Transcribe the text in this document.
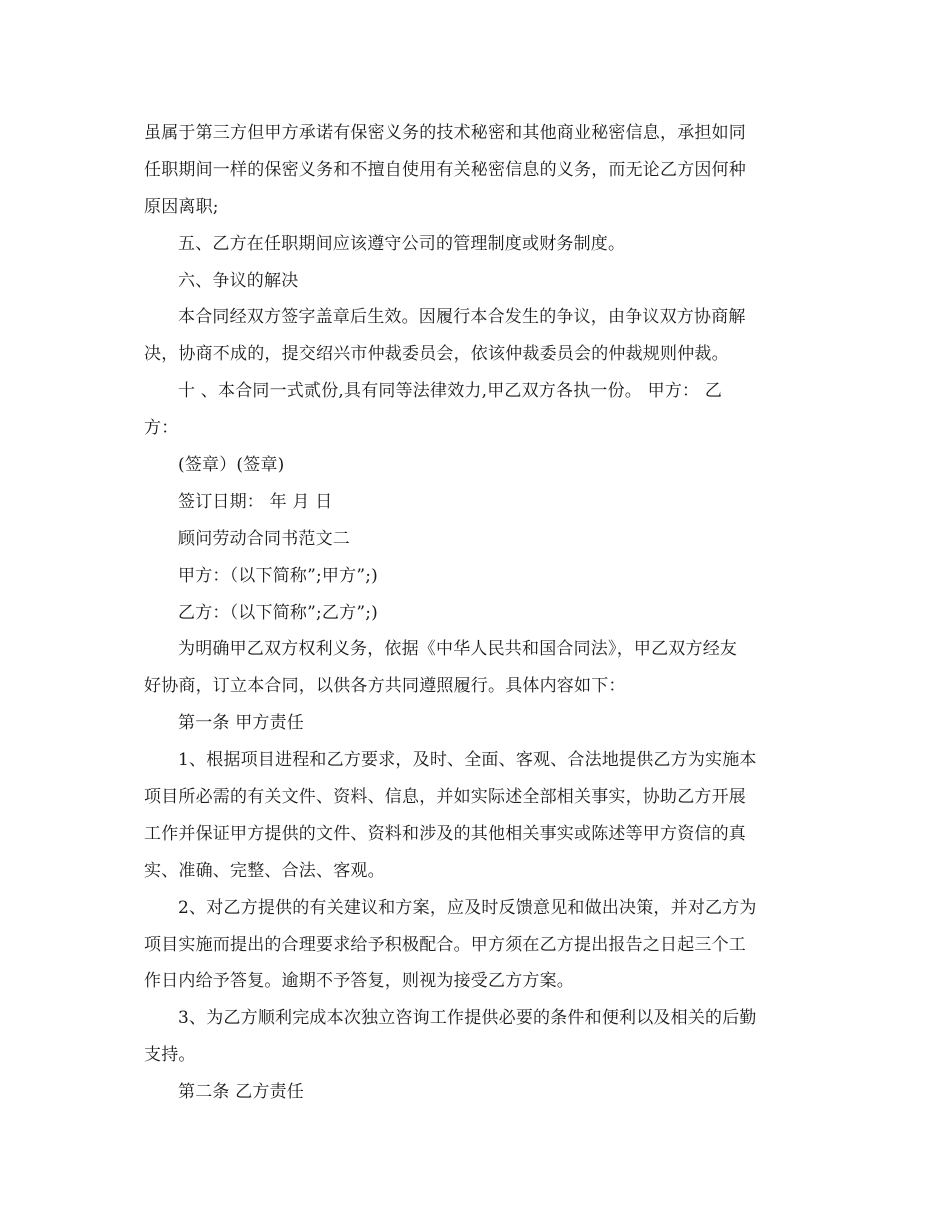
虽属于第三方但甲方承诺有保密义务的技术秘密和其他商业秘密信息，承担如同
任职期间一样的保密义务和不擅自使用有关秘密信息的义务，而无论乙方因何种
原因离职;
五、乙方在任职期间应该遵守公司的管理制度或财务制度。
六、争议的解决
本合同经双方签字盖章后生效。因履行本合发生的争议，由争议双方协商解
决，协商不成的，提交绍兴市仲裁委员会，依该仲裁委员会的仲裁规则仲裁。
十 、本合同一式贰份,具有同等法律效力,甲乙双方各执一份。 甲方： 乙
方：
(签章）(签章)
签订日期： 年 月 日
顾问劳动合同书范文二
甲方：（以下简称”;甲方”;)
乙方：（以下简称”;乙方”;)
为明确甲乙双方权利义务，依据《中华人民共和国合同法》，甲乙双方经友
好协商，订立本合同，以供各方共同遵照履行。具体内容如下：
第一条 甲方责任
1、根据项目进程和乙方要求，及时、全面、客观、合法地提供乙方为实施本
项目所必需的有关文件、资料、信息，并如实际述全部相关事实，协助乙方开展
工作并保证甲方提供的文件、资料和涉及的其他相关事实或陈述等甲方资信的真
实、准确、完整、合法、客观。
2、对乙方提供的有关建议和方案，应及时反馈意见和做出决策，并对乙方为
项目实施而提出的合理要求给予积极配合。甲方须在乙方提出报告之日起三个工
作日内给予答复。逾期不予答复，则视为接受乙方方案。
3、为乙方顺利完成本次独立咨询工作提供必要的条件和便利以及相关的后勤
支持。
第二条 乙方责任
